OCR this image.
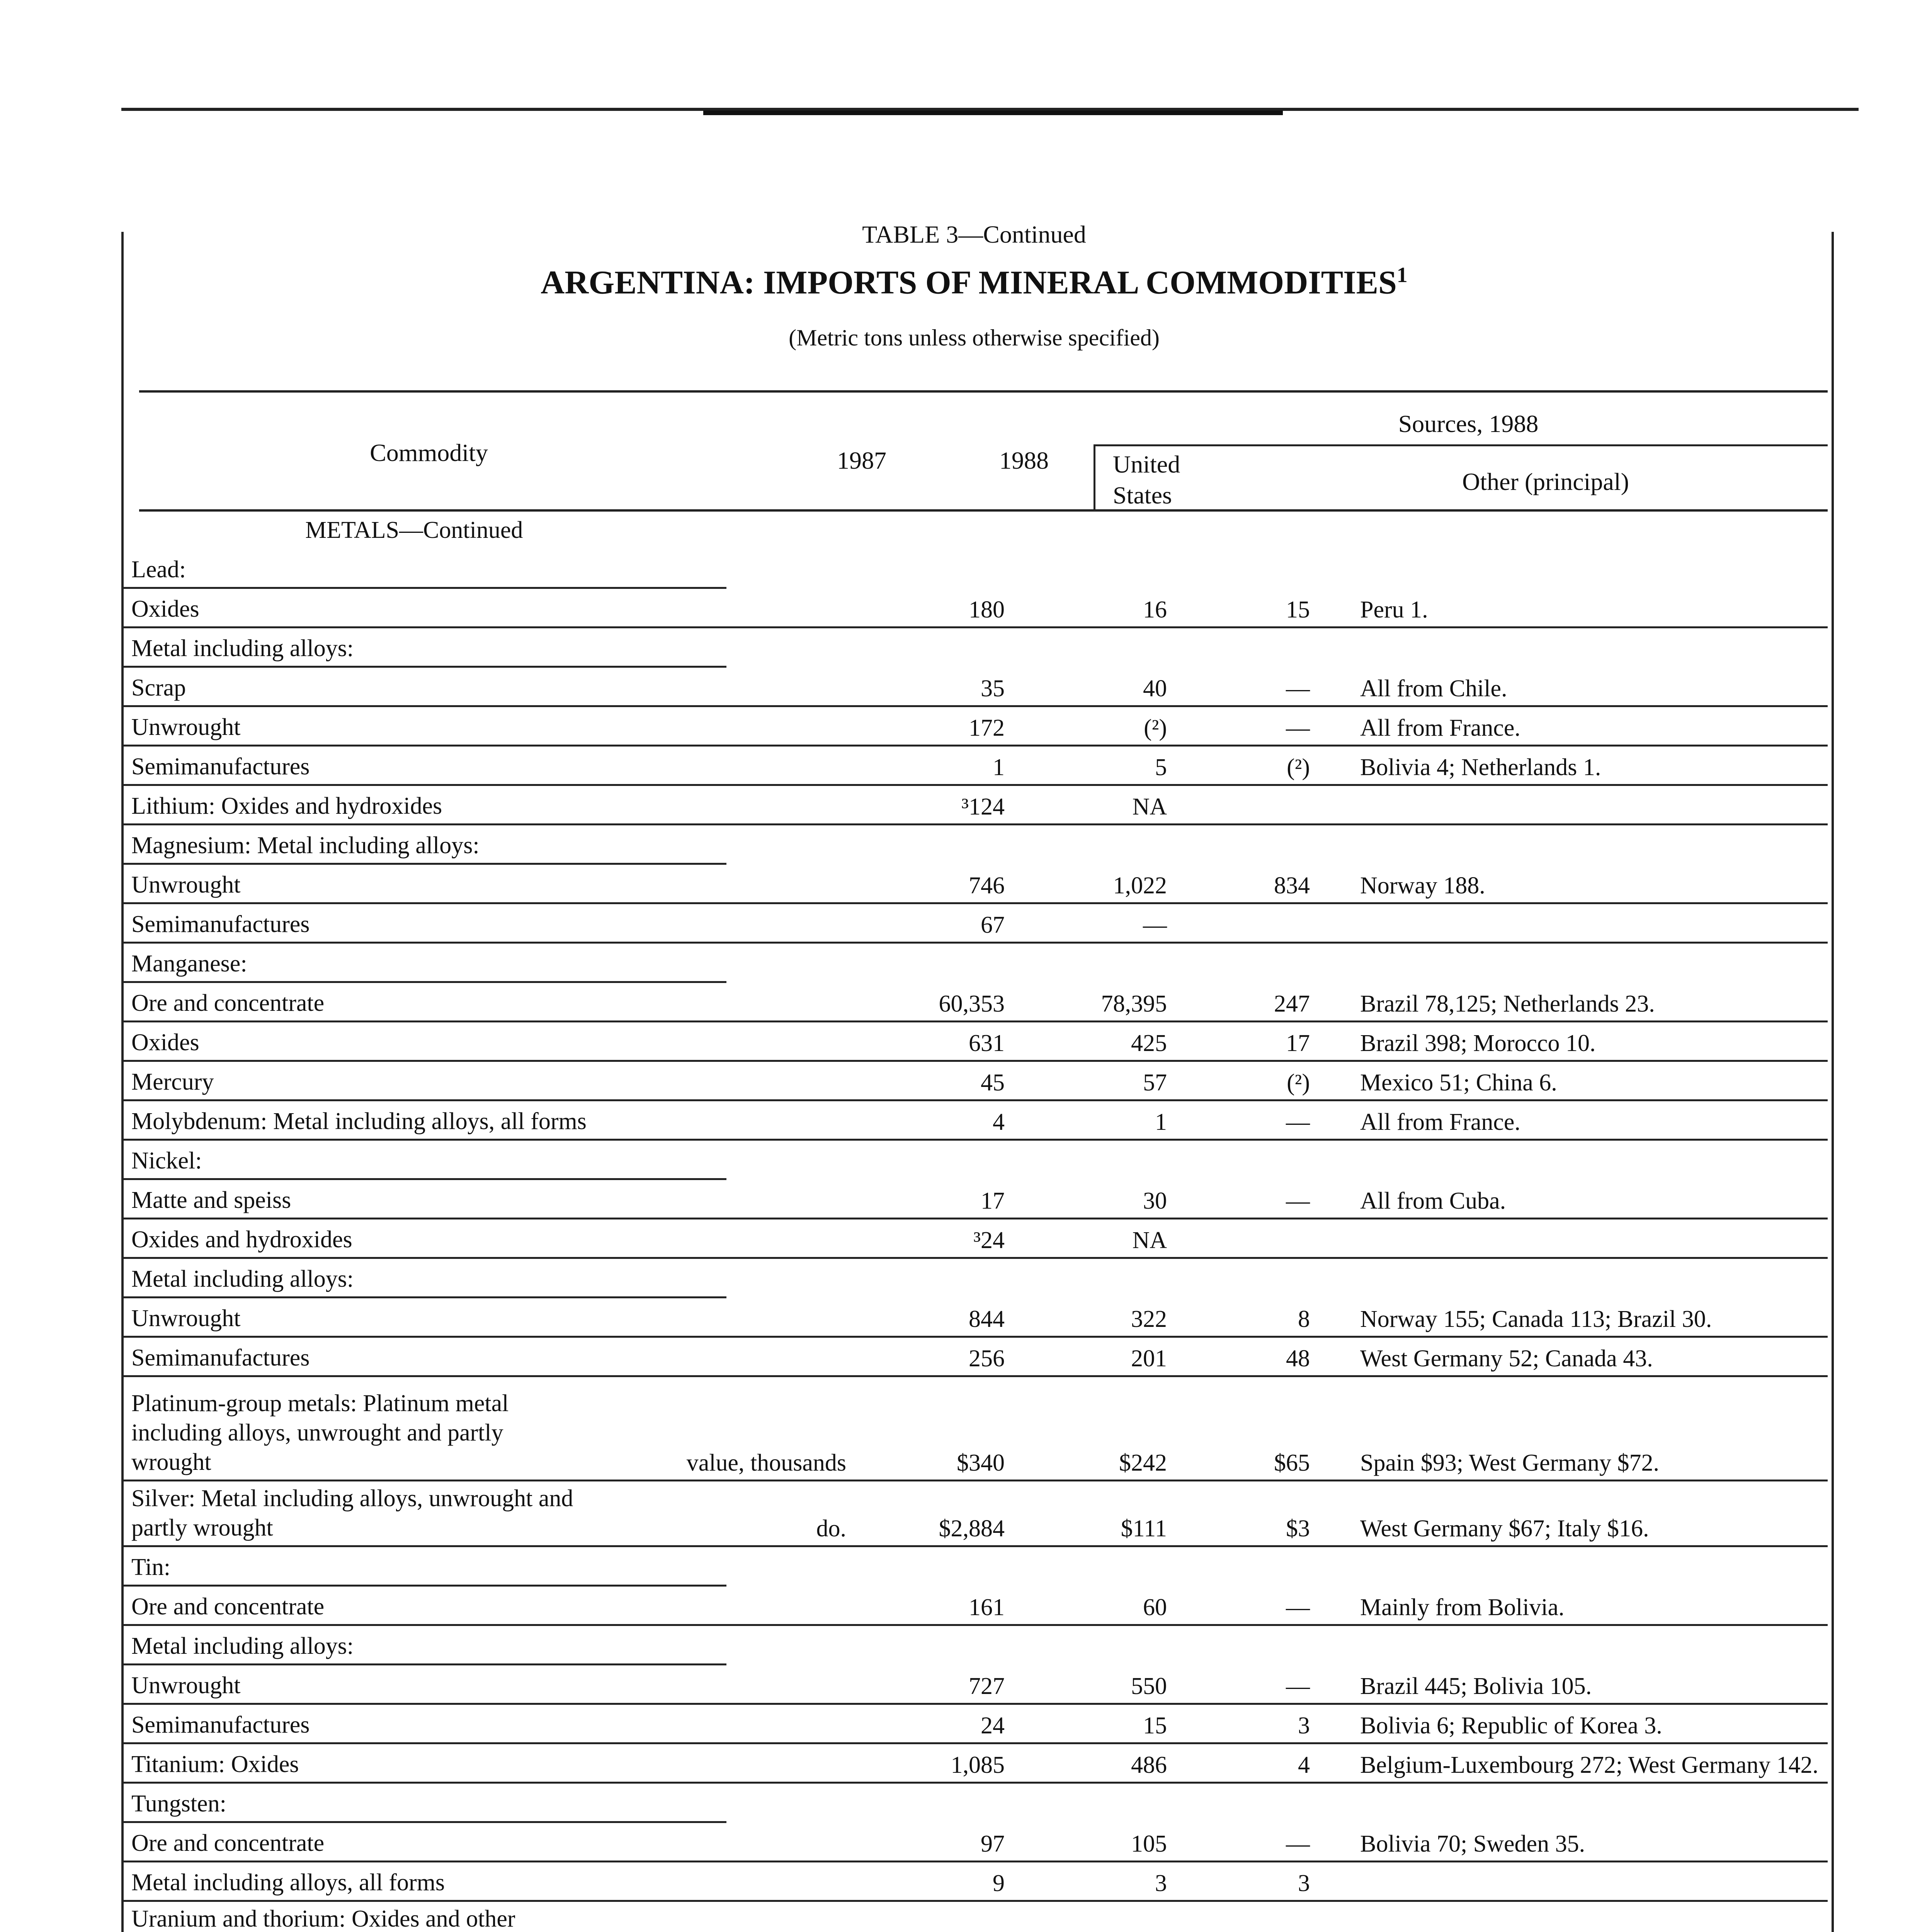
TABLE 3—Continued
ARGENTINA: IMPORTS OF MINERAL COMMODITIES$^1$
(Metric tons unless otherwise specified)
Commodity	1987	1988
Sources, 1988
United
States	Other (principal)
METALS—Continued
Lead:
Oxides	180	16	15 Peru 1.
Metal including alloys:
Scrap	35	40	— All from Chile.
Unwrought	172	(²)	— All from France.
Semimanufactures	1	5	(²) Bolivia 4; Netherlands 1.
Lithium: Oxides and hydroxides	³124	NA
Magnesium: Metal including alloys:
Unwrought	746	1,022	834 Norway 188.
Semimanufactures	67	—
Manganese:
Ore and concentrate	60,353	78,395	247 Brazil 78,125; Netherlands 23.
Oxides	631	425	17 Brazil 398; Morocco 10.
Mercury	45	57	(²) Mexico 51; China 6.
Molybdenum: Metal including alloys, all forms	4	1	— All from France.
Nickel:
Matte and speiss	17	30	— All from Cuba.
Oxides and hydroxides	³24	NA
Metal including alloys:
Unwrought	844	322	8 Norway 155; Canada 113; Brazil 30.
Semimanufactures	256	201	48 West Germany 52; Canada 43.
Platinum-group metals: Platinum metal
including alloys, unwrought and partly
wrought	value, thousands	$340	$242	$65 Spain $93; West Germany $72.
Silver: Metal including alloys, unwrought and
partly wrought	do.	$2,884	$111	$3 West Germany $67; Italy $16.
Tin:
Ore and concentrate	161	60	— Mainly from Bolivia.
Metal including alloys:
Unwrought	727	550	— Brazil 445; Bolivia 105.
Semimanufactures	24	15	3 Bolivia 6; Republic of Korea 3.
Titanium: Oxides	1,085	486	4 Belgium-Luxembourg 272; West Germany 142.
Tungsten:
Ore and concentrate	97	105	— Bolivia 70; Sweden 35.
Metal including alloys, all forms	9	3	3
Uranium and thorium: Oxides and other
